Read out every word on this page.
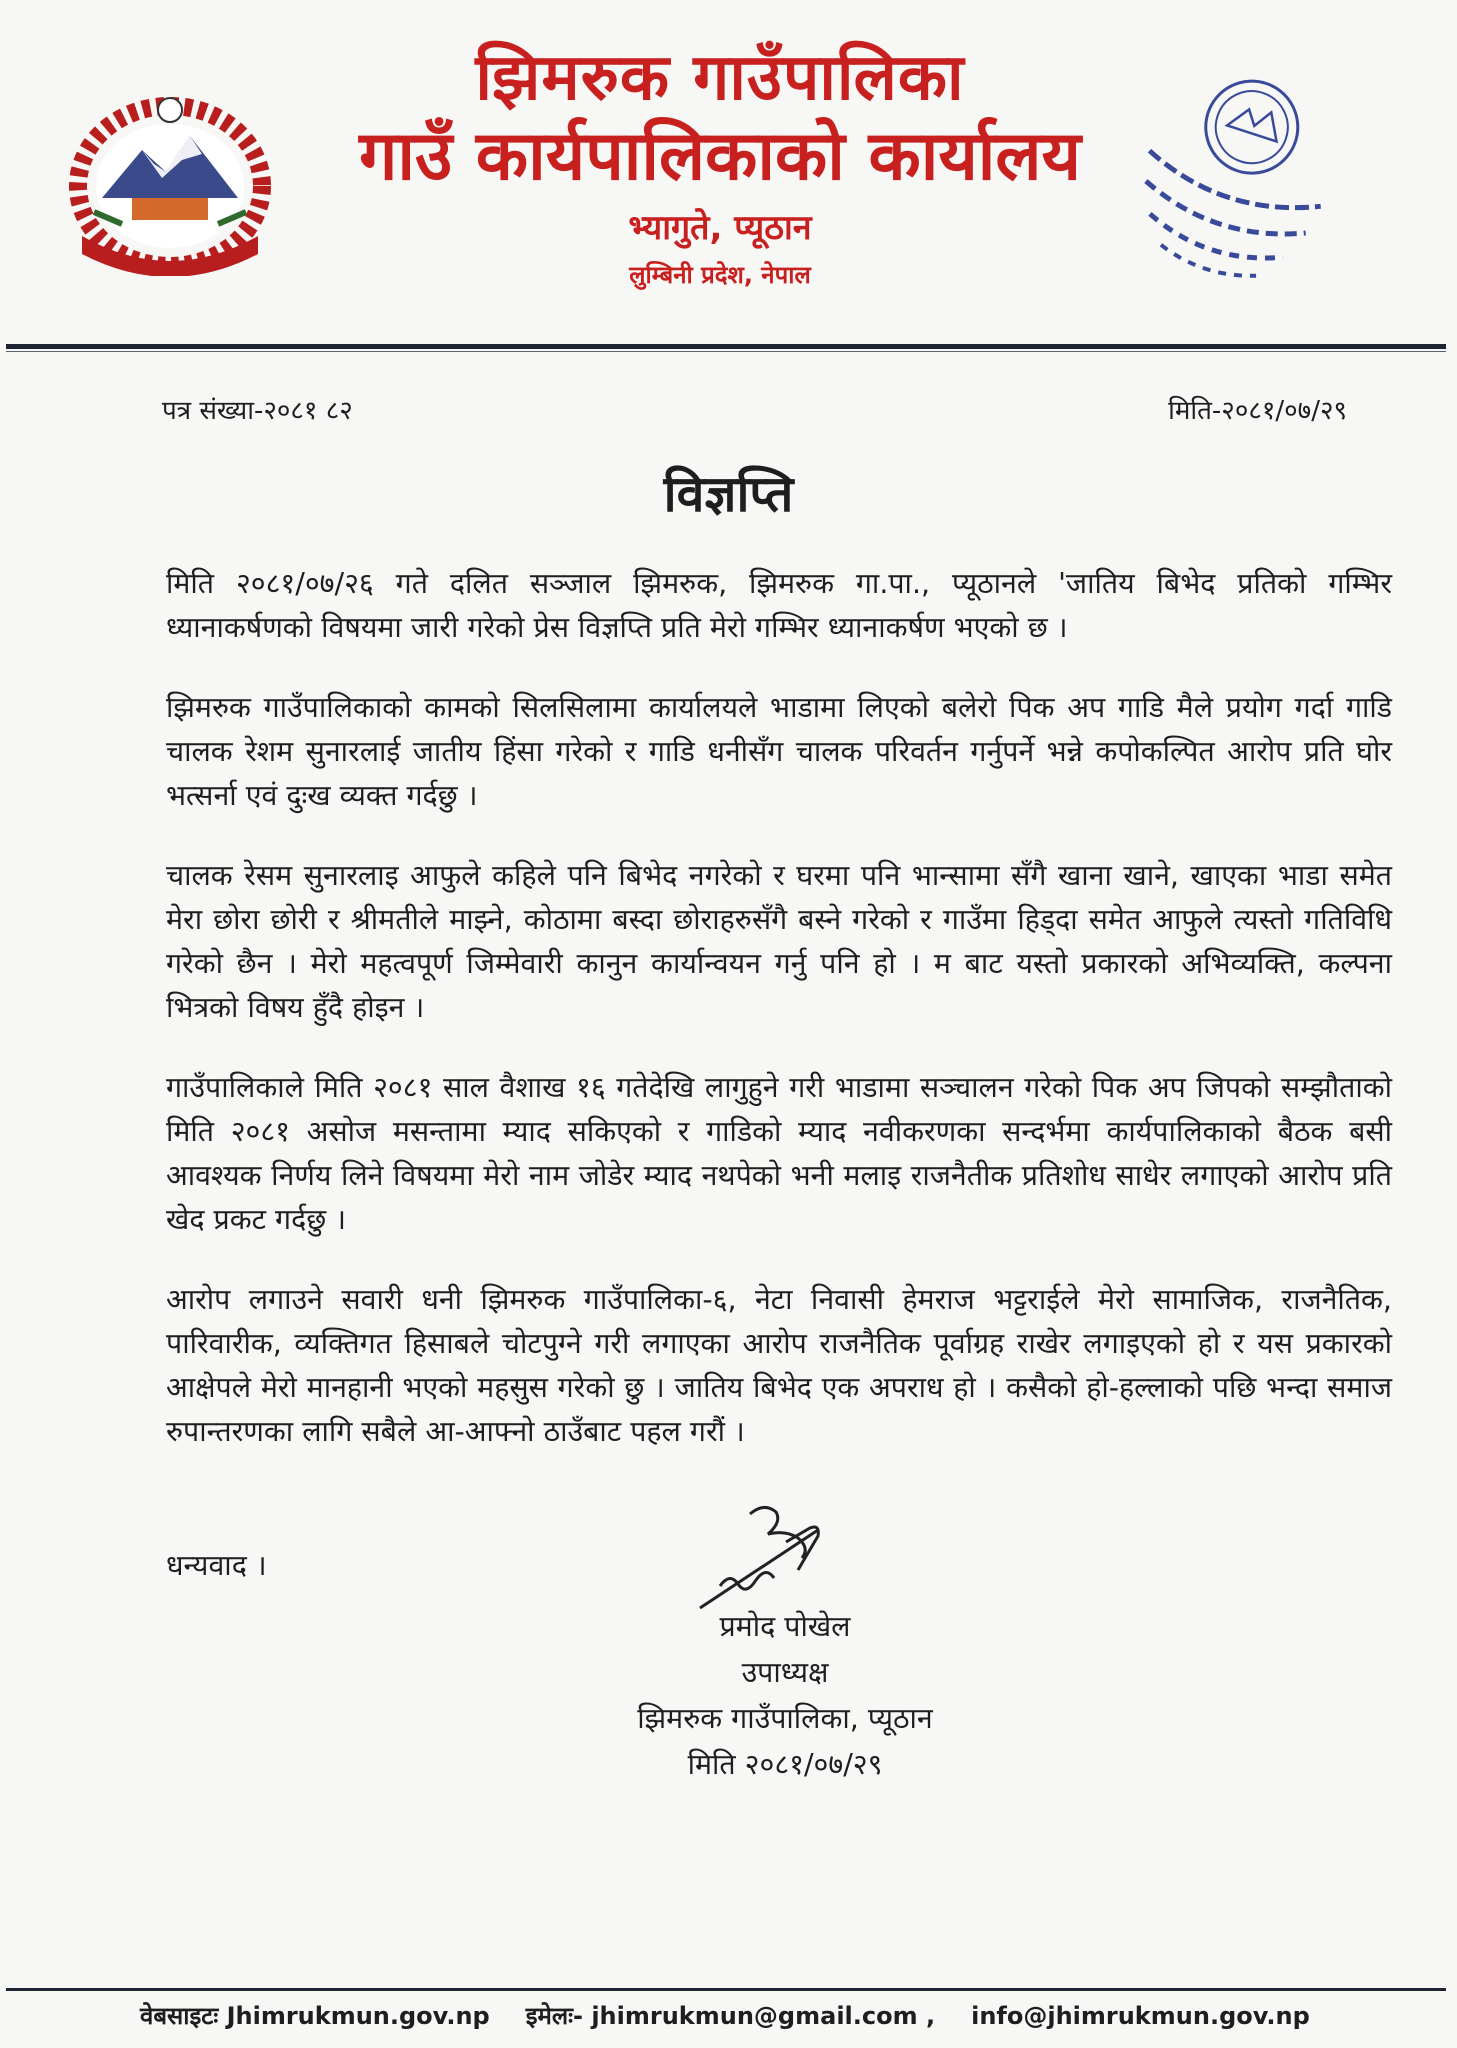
झिमरुक गाउँपालिका
गाउँ कार्यपालिकाको कार्यालय
भ्यागुते, प्यूठान
लुम्बिनी प्रदेश, नेपाल
पत्र संख्या-२०८१ ८२	मिति-२०८१/०७/२९
विज्ञप्ति

मिति २०८१/०७/२६ गते दलित सञ्जाल झिमरुक, झिमरुक गा.पा., प्यूठानले 'जातिय बिभेद प्रतिको गम्भिर ध्यानाकर्षणको विषयमा जारी गरेको प्रेस विज्ञप्ति प्रति मेरो गम्भिर ध्यानाकर्षण भएको छ ।

झिमरुक गाउँपालिकाको कामको सिलसिलामा कार्यालयले भाडामा लिएको बलेरो पिक अप गाडि मैले प्रयोग गर्दा गाडि चालक रेशम सुनारलाई जातीय हिंसा गरेको र गाडि धनीसँग चालक परिवर्तन गर्नुपर्ने भन्ने कपोकल्पित आरोप प्रति घोर भत्सर्ना एवं दुःख व्यक्त गर्दछु ।

चालक रेसम सुनारलाइ आफुले कहिले पनि बिभेद नगरेको र घरमा पनि भान्सामा सँगै खाना खाने, खाएका भाडा समेत मेरा छोरा छोरी र श्रीमतीले माझ्ने, कोठामा बस्दा छोराहरुसँगै बस्ने गरेको र गाउँमा हिड्दा समेत आफुले त्यस्तो गतिविधि गरेको छैन । मेरो महत्वपूर्ण जिम्मेवारी कानुन कार्यान्वयन गर्नु पनि हो । म बाट यस्तो प्रकारको अभिव्यक्ति, कल्पना भित्रको विषय हुँदै होइन ।

गाउँपालिकाले मिति २०८१ साल वैशाख १६ गतेदेखि लागुहुने गरी भाडामा सञ्चालन गरेको पिक अप जिपको सम्झौताको मिति २०८१ असोज मसन्तामा म्याद सकिएको र गाडिको म्याद नवीकरणका सन्दर्भमा कार्यपालिकाको बैठक बसी आवश्यक निर्णय लिने विषयमा मेरो नाम जोडेर म्याद नथपेको भनी मलाइ राजनैतीक प्रतिशोध साधेर लगाएको आरोप प्रति खेद प्रकट गर्दछु ।

आरोप लगाउने सवारी धनी झिमरुक गाउँपालिका-६, नेटा निवासी हेमराज भट्टराईले मेरो सामाजिक, राजनैतिक, पारिवारीक, व्यक्तिगत हिसाबले चोटपुग्ने गरी लगाएका आरोप राजनैतिक पूर्वाग्रह राखेर लगाइएको हो र यस प्रकारको आक्षेपले मेरो मानहानी भएको महसुस गरेको छु । जातिय बिभेद एक अपराध हो । कसैको हो-हल्लाको पछि भन्दा समाज रुपान्तरणका लागि सबैले आ-आफ्नो ठाउँबाट पहल गरौं ।

धन्यवाद ।
प्रमोद पोखेल
उपाध्यक्ष
झिमरुक गाउँपालिका, प्यूठान
मिति २०८१/०७/२९
वेबसाइटः Jhimrukmun.gov.np इमेलः- jhimrukmun@gmail.com , info@jhimrukmun.gov.np
